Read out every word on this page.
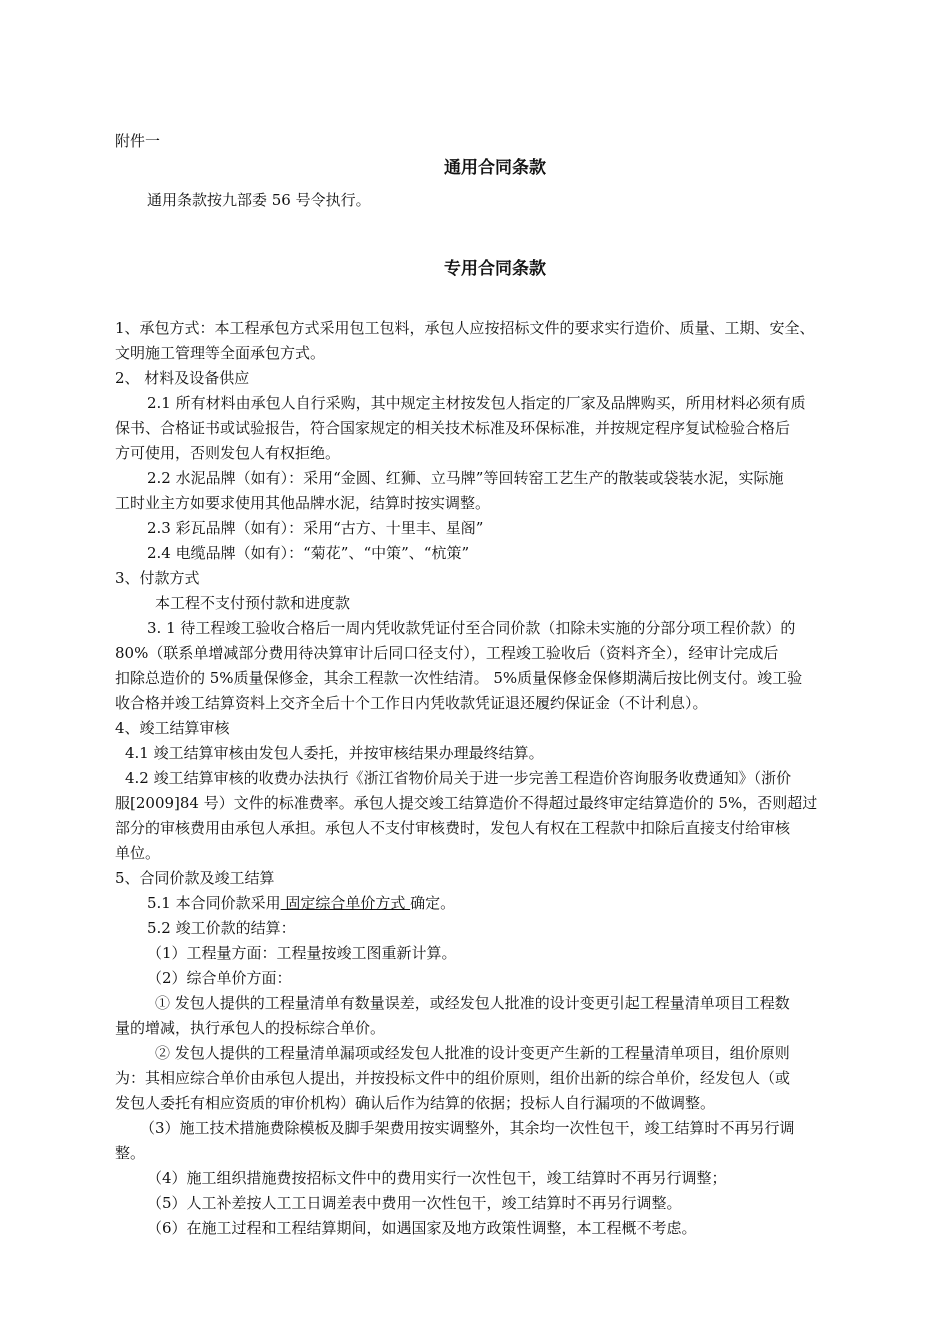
附件一

通用合同条款

通用条款按九部委 56 号令执行。

专用合同条款

1、承包方式：本工程承包方式采用包工包料，承包人应按招标文件的要求实行造价、质量、工期、安全、

文明施工管理等全面承包方式。

2、 材料及设备供应

2.1 所有材料由承包人自行采购，其中规定主材按发包人指定的厂家及品牌购买，所用材料必须有质

保书、合格证书或试验报告，符合国家规定的相关技术标准及环保标准，并按规定程序复试检验合格后

方可使用，否则发包人有权拒绝。

2.2 水泥品牌（如有）：采用“金圆、红狮、立马牌”等回转窑工艺生产的散装或袋装水泥，实际施

工时业主方如要求使用其他品牌水泥，结算时按实调整。

2.3 彩瓦品牌（如有）：采用“古方、十里丰、星阁”

2.4 电缆品牌（如有）：“菊花”、“中策”、“杭策”

3、付款方式

本工程不支付预付款和进度款

3. 1 待工程竣工验收合格后一周内凭收款凭证付至合同价款（扣除未实施的分部分项工程价款）的

80%（联系单增减部分费用待决算审计后同口径支付），工程竣工验收后（资料齐全），经审计完成后

扣除总造价的 5%质量保修金，其余工程款一次性结清。 5%质量保修金保修期满后按比例支付。竣工验

收合格并竣工结算资料上交齐全后十个工作日内凭收款凭证退还履约保证金（不计利息）。

4、竣工结算审核

4.1 竣工结算审核由发包人委托，并按审核结果办理最终结算。

4.2 竣工结算审核的收费办法执行《浙江省物价局关于进一步完善工程造价咨询服务收费通知》（浙价

服[2009]84 号）文件的标准费率。承包人提交竣工结算造价不得超过最终审定结算造价的 5%，否则超过

部分的审核费用由承包人承担。承包人不支付审核费时，发包人有权在工程款中扣除后直接支付给审核

单位。

5、合同价款及竣工结算

5.1 本合同价款采用 固定综合单价方式 确定。

5.2 竣工价款的结算：

（1）工程量方面：工程量按竣工图重新计算。

（2）综合单价方面：

① 发包人提供的工程量清单有数量误差，或经发包人批准的设计变更引起工程量清单项目工程数

量的增减，执行承包人的投标综合单价。

② 发包人提供的工程量清单漏项或经发包人批准的设计变更产生新的工程量清单项目，组价原则

为：其相应综合单价由承包人提出，并按投标文件中的组价原则，组价出新的综合单价，经发包人（或

发包人委托有相应资质的审价机构）确认后作为结算的依据；投标人自行漏项的不做调整。

（3）施工技术措施费除模板及脚手架费用按实调整外，其余均一次性包干，竣工结算时不再另行调

整。

（4）施工组织措施费按招标文件中的费用实行一次性包干，竣工结算时不再另行调整；

（5）人工补差按人工工日调差表中费用一次性包干，竣工结算时不再另行调整。

（6）在施工过程和工程结算期间，如遇国家及地方政策性调整，本工程概不考虑。
